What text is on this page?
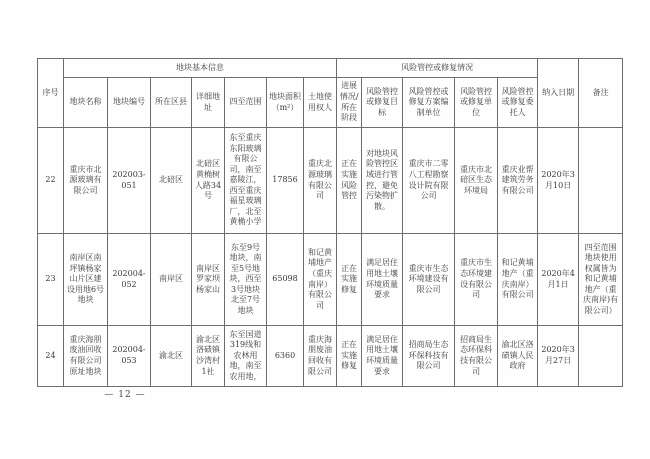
序号	地块基本信息							风险管控或修复情况					纳入日期	备注
	地块名称	地块编号	所在区县	详细地址	四至范围	地块面积（m²）	土地使用权人	进展情况/所在阶段	风险管控或修复目标	风险管控或修复方案编制单位	风险管控或修复单位	风险管控或修复委托人		
22	重庆市北源玻璃有限公司	202003-051	北碚区	北碚区黄桷树人路34号	东至重庆东阳玻璃有限公司，南至嘉陵江，西至重庆福星玻璃厂，北至黄桷小学	17856	重庆北源玻璃有限公司	正在实施风险管控	对地块风险管控区域进行管控，避免污染物扩散。	重庆市二零八工程勘察设计院有限公司	重庆市北碚区生态环境局	重庆业帮建筑劳务有限公司	2020年3月10日	
23	南岸区南坪镇杨家山片区建设用地6号地块	202004-052	南岸区	南岸区罗家坝杨家山	东至9号地块，南至5号地块，西至3号地块北至7号地块	65098	和记黄埔地产（重庆南岸）有限公司	正在实施修复	满足居住用地土壤环境质量要求	重庆市生态环境建设有限公司	重庆市生态环境建设有限公司	和记黄埔地产（重庆南岸）有限公司	2020年4月1日	四至范围地块使用权属皆为和记黄埔地产（重庆南岸)有限公司）
24	重庆海朋废油回收有限公司原址地块	202004-053	渝北区	渝北区洛碛镇沙湾村1社	东至国道319线和农林用地，南至农用地，	6360	重庆海朋废油回收有限公司	正在实施修复	满足居住用地土壤环境质量要求	招商局生态环保科技有限公司	招商局生态环保科技有限公司	渝北区洛碛镇人民政府	2020年3月27日	
— 12 —
